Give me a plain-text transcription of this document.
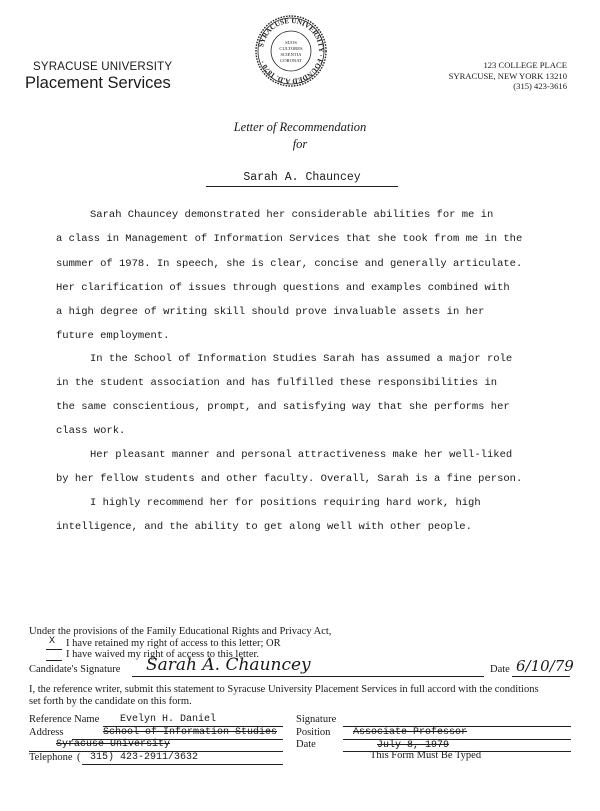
SYRACUSE UNIVERSITY
Placement Services
123 COLLEGE PLACE
SYRACUSE, NEW YORK 13210
(315) 423-3616
SYRACUSE UNIVERSITY · FOUNDED A.D. 1870 ·
SUOS
CULTORES
SCIENTIA
CORONAT
Letter of Recommendation
for
Sarah A. Chauncey
Sarah Chauncey demonstrated her considerable abilities for me in
a class in Management of Information Services that she took from me in the
summer of 1978. In speech, she is clear, concise and generally articulate.
Her clarification of issues through questions and examples combined with
a high degree of writing skill should prove invaluable assets in her
future employment.
In the School of Information Studies Sarah has assumed a major role
in the student association and has fulfilled these responsibilities in
the same conscientious, prompt, and satisfying way that she performs her
class work.
Her pleasant manner and personal attractiveness make her well-liked
by her fellow students and other faculty. Overall, Sarah is a fine person.
I highly recommend her for positions requiring hard work, high
intelligence, and the ability to get along well with other people.
Under the provisions of the Family Educational Rights and Privacy Act,
X I have retained my right of access to this letter; OR
I have waived my right of access to this letter.
Candidate's Signature Sarah A. Chauncey	Date 6/10/79
I, the reference writer, submit this statement to Syracuse University Placement Services in full accord with the conditions
set forth by the candidate on this form.
Reference Name Evelyn H. Daniel	Signature
Address	School of Information Studies
Syracuse University
Position Associate Professor
Date	July 8, 1979
Telephone ( 315) 423-2911/3632	This Form Must Be Typed
